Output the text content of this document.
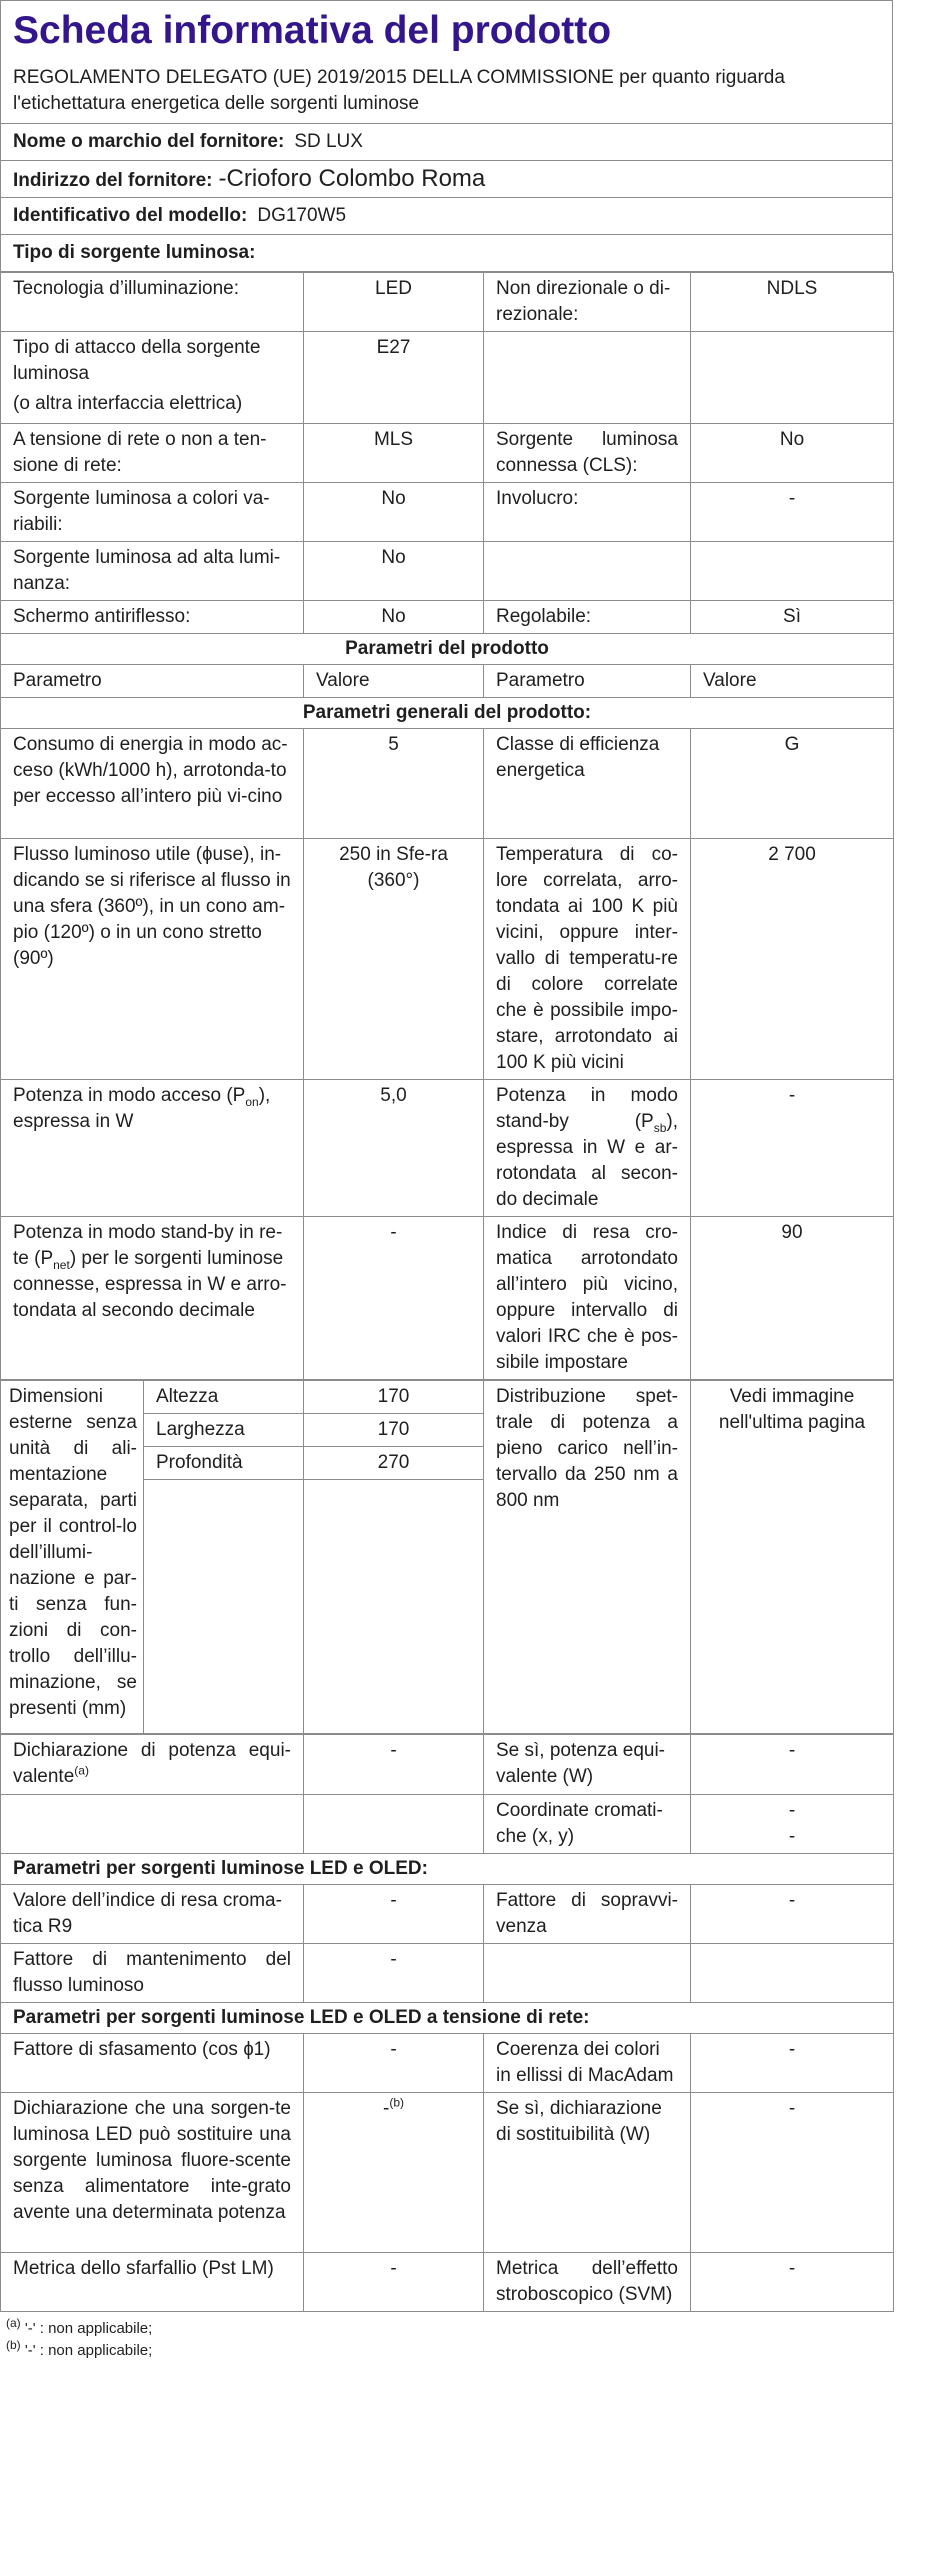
Scheda informativa del prodotto
REGOLAMENTO DELEGATO (UE) 2019/2015 DELLA COMMISSIONE per quanto riguarda l'etichettatura energetica delle sorgenti luminose
Nome o marchio del fornitore: SD LUX
Indirizzo del fornitore: -Crioforo Colombo Roma
Identificativo del modello: DG170W5
Tipo di sorgente luminosa:
Tecnologia d’illuminazione:	LED	Non direzionale o di-rezionale:	NDLS

Tipo di attacco della sorgente luminosa
(o altra interfaccia elettrica)	E27		
A tensione di rete o non a ten-sione di rete:	MLS	Sorgente luminosa connessa (CLS):	No
Sorgente luminosa a colori va-riabili:	No	Involucro:	-
Sorgente luminosa ad alta lumi-nanza:	No		
Schermo antiriflesso:	No	Regolabile:	Sì
Parametri del prodotto			
Parametro	Valore	Parametro	Valore
Parametri generali del prodotto:			
Consumo di energia in modo ac-ceso (kWh/1000 h), arrotonda-to per eccesso all’intero più vi-cino	5	Classe di efficienza energetica	G
Flusso luminoso utile (ɸuse), in-dicando se si riferisce al flusso in una sfera (360º), in un cono am-pio (120º) o in un cono stretto (90º)	250 in Sfe-ra (360°)	Temperatura di co-lore correlata, arro-tondata ai 100 K più vicini, oppure inter-vallo di temperatu-re di colore correlate che è possibile impo-stare, arrotondato ai 100 K più vicini	2 700
Potenza in modo acceso $(P_{on})$, espressa in W	5,0	Potenza in modo stand-by $(P_{sb})$, espressa in W e ar-rotondata al secon-do decimale	-
Potenza in modo stand-by in re-te $(P_{net})$ per le sorgenti luminose connesse, espressa in W e arro-tondata al secondo decimale	-	Indice di resa cro-matica arrotondato all’intero più vicino, oppure intervallo di valori IRC che è pos-sibile impostare	90
Dimensioni esterne senza unità di ali-mentazione separata, parti per il control-lo dell’illumi-nazione e par-ti senza fun-zioni di con-trollo dell’illu-minazione, se presenti (mm)	Altezza	170	Distribuzione spet-trale di potenza a pieno carico nell’in-tervallo da 250 nm a 800 nm	Vedi immagine nell'ultima pagina
	Larghezza	170		
	Profondità	270		

Dichiarazione di potenza equi-valente$^{(a)}$	-	Se sì, potenza equi-valente (W)	-
		Coordinate cromati-che (x, y)	-
-

Parametri per sorgenti luminose LED e OLED:			
Valore dell’indice di resa croma-tica R9	-	Fattore di sopravvi-venza	-
Fattore di mantenimento del flusso luminoso	-		
Parametri per sorgenti luminose LED e OLED a tensione di rete:			
Fattore di sfasamento (cos ɸ1)	-	Coerenza dei colori in ellissi di MacAdam	-
Dichiarazione che una sorgen-te luminosa LED può sostituire una sorgente luminosa fluore-scente senza alimentatore inte-grato avente una determinata potenza	-$^{(b)}$	Se sì, dichiarazione di sostituibilità (W)	-
Metrica dello sfarfallio (Pst LM)	-	Metrica dell’effetto stroboscopico (SVM)	-
$^{(a)}$ '-' : non applicabile;
$^{(b)}$ '-' : non applicabile;
